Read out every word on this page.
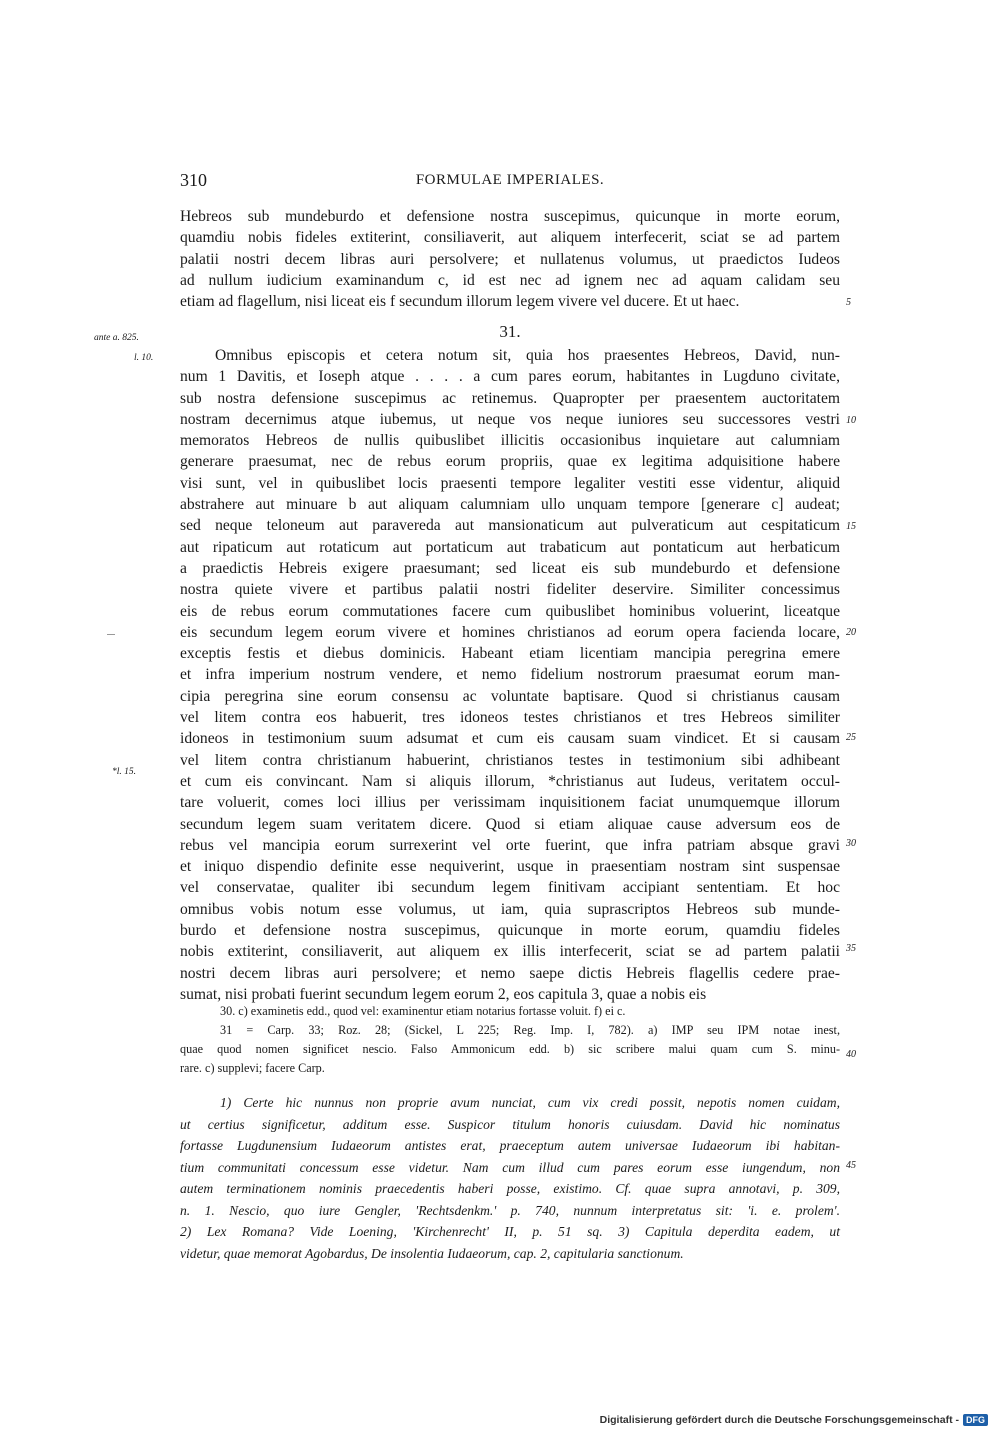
310	FORMULAE IMPERIALES.
Hebreos sub mundeburdo et defensione nostra suscepimus, quicunque in morte eorum,
quamdiu nobis fideles extiterint, consiliaverit, aut aliquem interfecerit, sciat se ad partem
palatii nostri decem libras auri persolvere; et nullatenus volumus, ut praedictos Iudeos
ad nullum iudicium examinandum c, id est nec ad ignem nec ad aquam calidam seu
etiam ad flagellum, nisi liceat eis f secundum illorum legem vivere vel ducere. Et ut haec.	5
ante a. 825.	31.
l. 10.
*l. 15.
Omnibus episcopis et cetera notum sit, quia hos praesentes Hebreos, David, nun-
num 1 Davitis, et Ioseph atque . . . . a cum pares eorum, habitantes in Lugduno civitate,
sub nostra defensione suscepimus ac retinemus. Quapropter per praesentem auctoritatem
nostram decernimus atque iubemus, ut neque vos neque iuniores seu successores vestri
memoratos Hebreos de nullis quibuslibet illicitis occasionibus inquietare aut calumniam
generare praesumat, nec de rebus eorum propriis, quae ex legitima adquisitione habere
visi sunt, vel in quibuslibet locis praesenti tempore legaliter vestiti esse videntur, aliquid
abstrahere aut minuare b aut aliquam calumniam ullo unquam tempore [generare c] audeat;
sed neque teloneum aut paravereda aut mansionaticum aut pulveraticum aut cespitaticum
aut ripaticum aut rotaticum aut portaticum aut trabaticum aut pontaticum aut herbaticum
a praedictis Hebreis exigere praesumant; sed liceat eis sub mundeburdo et defensione
nostra quiete vivere et partibus palatii nostri fideliter deservire. Similiter concessimus
eis de rebus eorum commutationes facere cum quibuslibet hominibus voluerint, liceatque
eis secundum legem eorum vivere et homines christianos ad eorum opera facienda locare,
exceptis festis et diebus dominicis. Habeant etiam licentiam mancipia peregrina emere
et infra imperium nostrum vendere, et nemo fidelium nostrorum praesumat eorum man-
cipia peregrina sine eorum consensu ac voluntate baptisare. Quod si christianus causam
vel litem contra eos habuerit, tres idoneos testes christianos et tres Hebreos similiter
idoneos in testimonium suum adsumat et cum eis causam suam vindicet. Et si causam
vel litem contra christianum habuerint, christianos testes in testimonium sibi adhibeant
et cum eis convincant. Nam si aliquis illorum, *christianus aut Iudeus, veritatem occul-
tare voluerit, comes loci illius per verissimam inquisitionem faciat unumquemque illorum
secundum legem suam veritatem dicere. Quod si etiam aliquae cause adversum eos de
rebus vel mancipia eorum surrexerint vel orte fuerint, que infra patriam absque gravi
et iniquo dispendio definite esse nequiverint, usque in praesentiam nostram sint suspensae
vel conservatae, qualiter ibi secundum legem finitivam accipiant sententiam. Et hoc
omnibus vobis notum esse volumus, ut iam, quia suprascriptos Hebreos sub munde-
burdo et defensione nostra suscepimus, quicunque in morte eorum, quamdiu fideles
nobis extiterint, consiliaverit, aut aliquem ex illis interfecerit, sciat se ad partem palatii
nostri decem libras auri persolvere; et nemo saepe dictis Hebreis flagellis cedere prae-
sumat, nisi probati fuerint secundum legem eorum 2, eos capitula 3, quae a nobis eis
10
15
20
25
30
35
30. c) examinetis edd., quod vel: examinentur etiam notarius fortasse voluit. f) ei c.
31 = Carp. 33; Roz. 28; (Sickel, L 225; Reg. Imp. I, 782). a) IMP seu IPM notae inest,
quae quod nomen significet nescio. Falso Ammonicum edd. b) sic scribere malui quam cum S. minu-
rare. c) supplevi; facere Carp.
40
1) Certe hic nunnus non proprie avum nunciat, cum vix credi possit, nepotis nomen cuidam,
ut certius significetur, additum esse. Suspicor titulum honoris cuiusdam. David hic nominatus
fortasse Lugdunensium Iudaeorum antistes erat, praeceptum autem universae Iudaeorum ibi habitan-
tium communitati concessum esse videtur. Nam cum illud cum pares eorum esse iungendum, non
autem terminationem nominis praecedentis haberi posse, existimo. Cf. quae supra annotavi, p. 309,
n. 1. Nescio, quo iure Gengler, 'Rechtsdenkm.' p. 740, nunnum interpretatus sit: 'i. e. prolem'.
2) Lex Romana? Vide Loening, 'Kirchenrecht' II, p. 51 sq. 3) Capitula deperdita eadem, ut
videtur, quae memorat Agobardus, De insolentia Iudaeorum, cap. 2, capitularia sanctionum.
45
Digitalisierung gefördert durch die Deutsche Forschungsgemeinschaft - DFG
